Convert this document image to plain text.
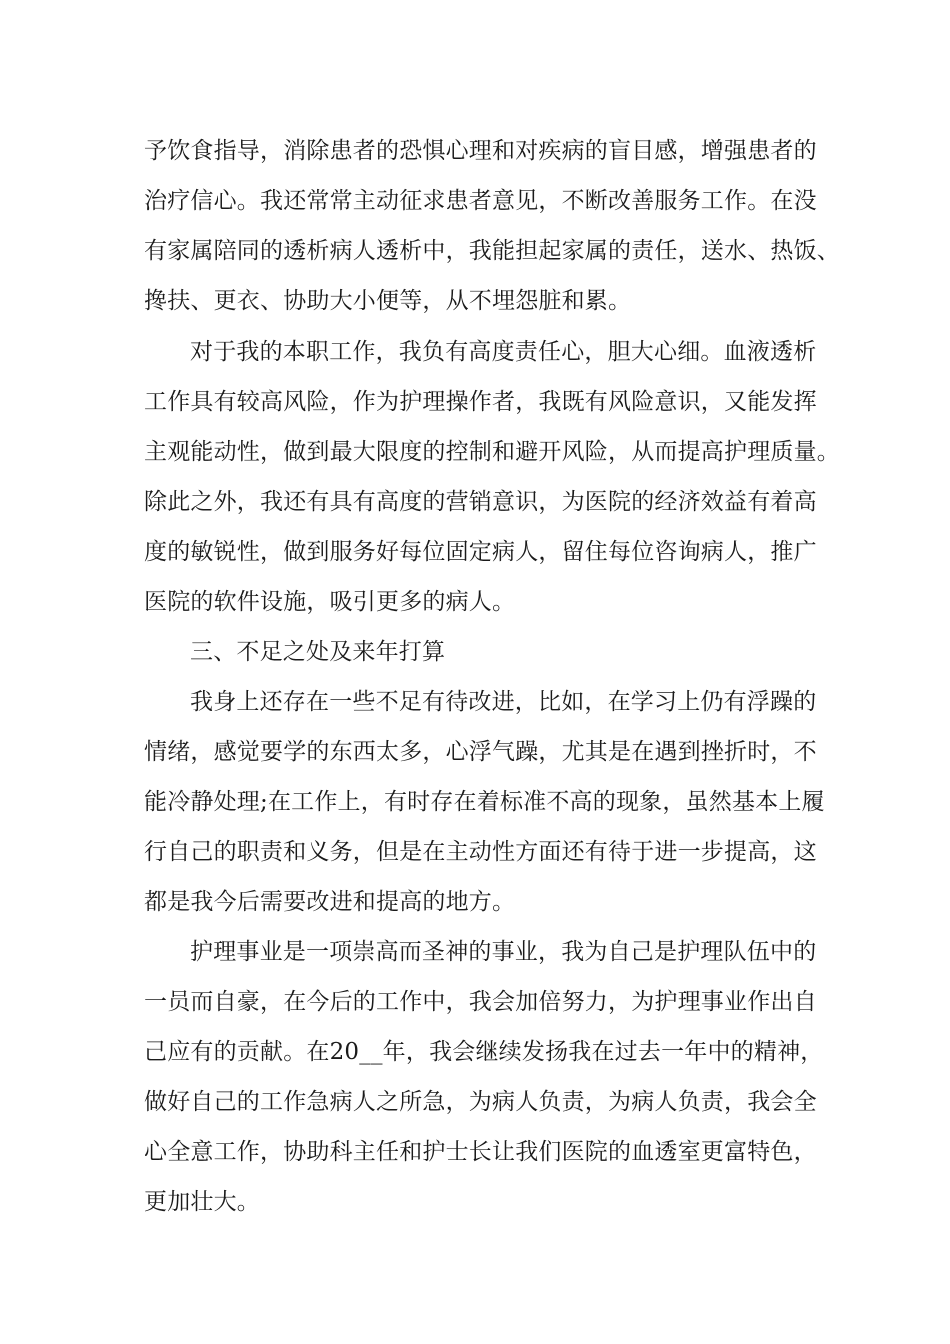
予饮食指导，消除患者的恐惧心理和对疾病的盲目感，增强患者的
治疗信心。我还常常主动征求患者意见，不断改善服务工作。在没
有家属陪同的透析病人透析中，我能担起家属的责任，送水、热饭、
搀扶、更衣、协助大小便等，从不埋怨脏和累。
对于我的本职工作，我负有高度责任心，胆大心细。血液透析
工作具有较高风险，作为护理操作者，我既有风险意识，又能发挥
主观能动性，做到最大限度的控制和避开风险，从而提高护理质量。
除此之外，我还有具有高度的营销意识，为医院的经济效益有着高
度的敏锐性，做到服务好每位固定病人，留住每位咨询病人，推广
医院的软件设施，吸引更多的病人。
三、不足之处及来年打算
我身上还存在一些不足有待改进，比如，在学习上仍有浮躁的
情绪，感觉要学的东西太多，心浮气躁，尤其是在遇到挫折时，不
能冷静处理;在工作上，有时存在着标准不高的现象，虽然基本上履
行自己的职责和义务，但是在主动性方面还有待于进一步提高，这
都是我今后需要改进和提高的地方。
护理事业是一项崇高而圣神的事业，我为自己是护理队伍中的
一员而自豪，在今后的工作中，我会加倍努力，为护理事业作出自
己应有的贡献。在20__年，我会继续发扬我在过去一年中的精神，
做好自己的工作急病人之所急，为病人负责，为病人负责，我会全
心全意工作，协助科主任和护士长让我们医院的血透室更富特色，
更加壮大。
